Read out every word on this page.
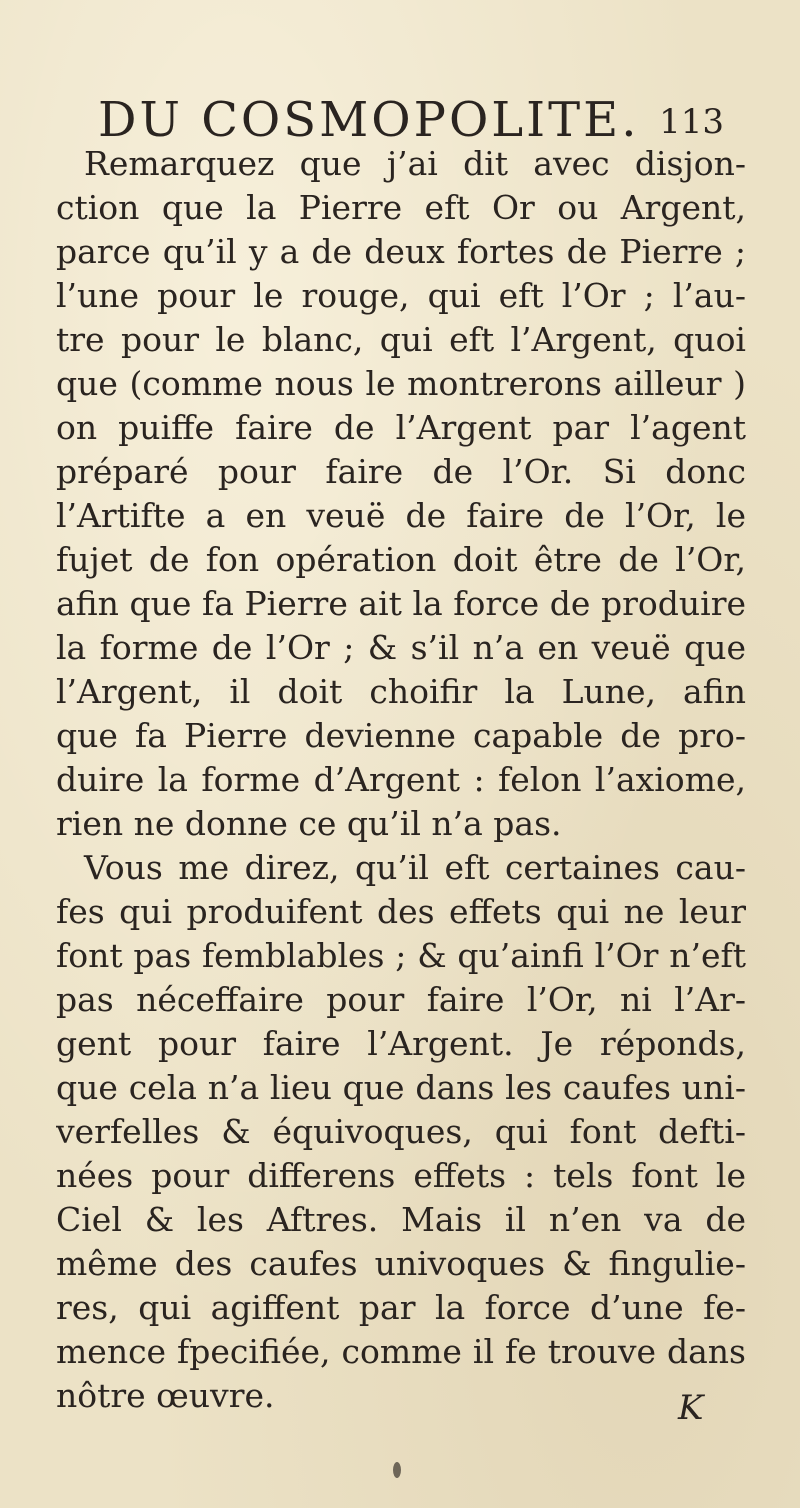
DU COSMOPOLITE. 113
Remarquez que j’ai dit avec disjon-
ction que la Pierre eft Or ou Argent,
parce qu’il y a de deux fortes de Pierre ;
l’une pour le rouge, qui eft l’Or ; l’au-
tre pour le blanc, qui eft l’Argent, quoi
que (comme nous le montrerons ailleur )
on puiffe faire de l’Argent par l’agent
préparé pour faire de l’Or. Si donc
l’Artifte a en veuë de faire de l’Or, le
fujet de fon opération doit être de l’Or,
afin que fa Pierre ait la force de produire
la forme de l’Or ; & s’il n’a en veuë que
l’Argent, il doit choifir la Lune, afin
que fa Pierre devienne capable de pro-
duire la forme d’Argent : felon l’axiome,
rien ne donne ce qu’il n’a pas.
Vous me direz, qu’il eft certaines cau-
fes qui produifent des effets qui ne leur
font pas femblables ; & qu’ainfi l’Or n’eft
pas néceffaire pour faire l’Or, ni l’Ar-
gent pour faire l’Argent. Je réponds,
que cela n’a lieu que dans les caufes uni-
verfelles & équivoques, qui font defti-
nées pour differens effets : tels font le
Ciel & les Aftres. Mais il n’en va de
même des caufes univoques & fingulie-
res, qui agiffent par la force d’une fe-
mence fpecifiée, comme il fe trouve dans
nôtre œuvre.	K
